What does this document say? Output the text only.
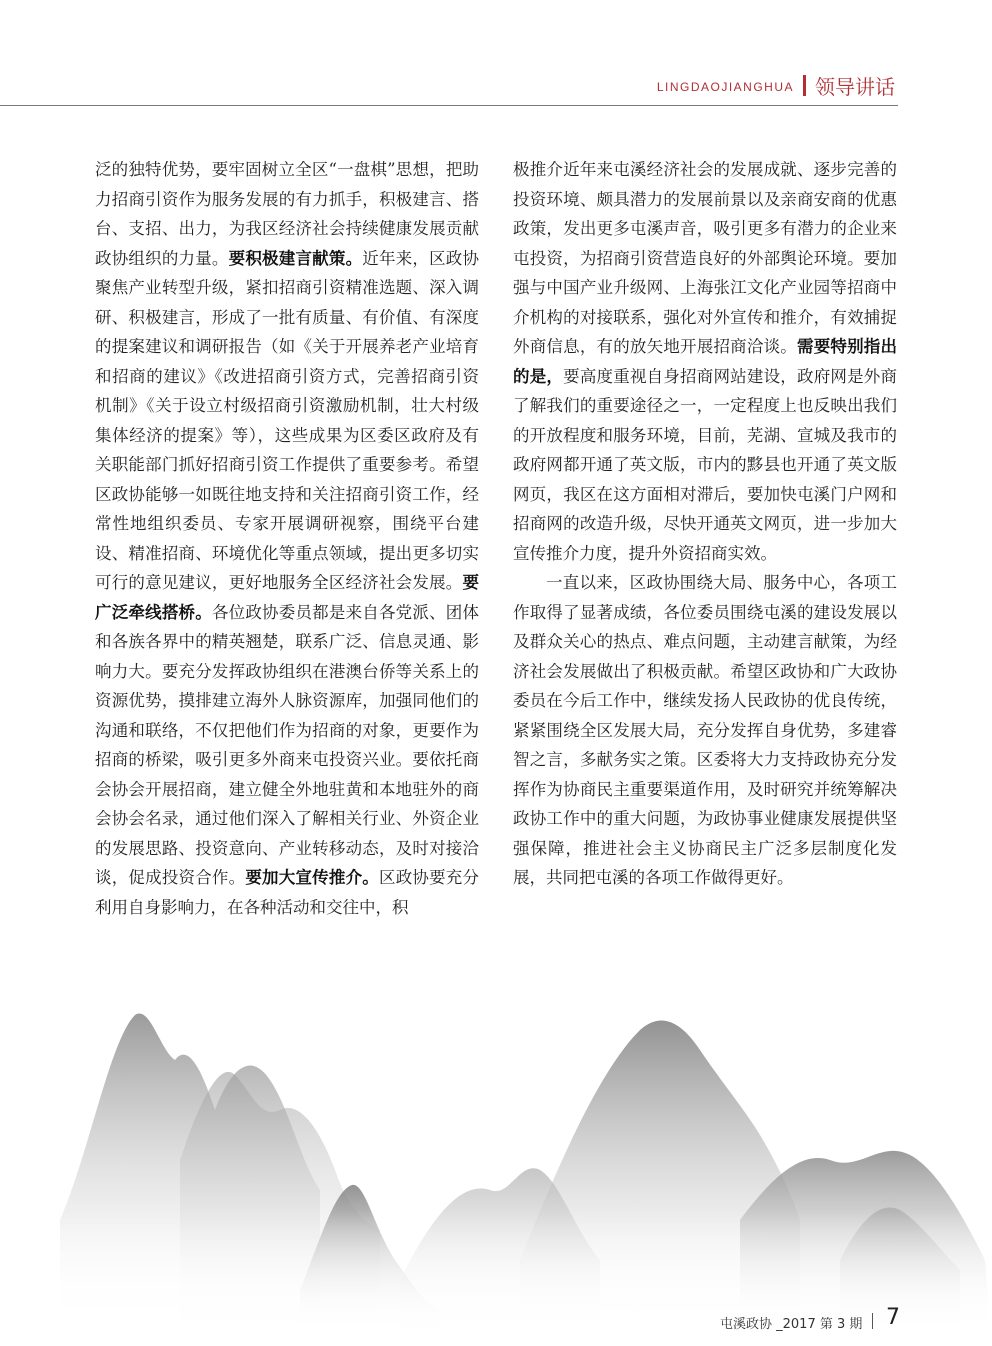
LINGDAOJIANGHUA 领导讲话

泛的独特优势，要牢固树立全区“一盘棋”思想，把助力招商引资作为服务发展的有力抓手，积极建言、搭台、支招、出力，为我区经济社会持续健康发展贡献政协组织的力量。要积极建言献策。近年来，区政协聚焦产业转型升级，紧扣招商引资精准选题、深入调研、积极建言，形成了一批有质量、有价值、有深度的提案建议和调研报告（如《关于开展养老产业培育和招商的建议》《改进招商引资方式，完善招商引资机制》《关于设立村级招商引资激励机制，壮大村级集体经济的提案》等），这些成果为区委区政府及有关职能部门抓好招商引资工作提供了重要参考。希望区政协能够一如既往地支持和关注招商引资工作，经常性地组织委员、专家开展调研视察，围绕平台建设、精准招商、环境优化等重点领域，提出更多切实可行的意见建议，更好地服务全区经济社会发展。要广泛牵线搭桥。各位政协委员都是来自各党派、团体和各族各界中的精英翘楚，联系广泛、信息灵通、影响力大。要充分发挥政协组织在港澳台侨等关系上的资源优势，摸排建立海外人脉资源库，加强同他们的沟通和联络，不仅把他们作为招商的对象，更要作为招商的桥梁，吸引更多外商来屯投资兴业。要依托商会协会开展招商，建立健全外地驻黄和本地驻外的商会协会名录，通过他们深入了解相关行业、外资企业的发展思路、投资意向、产业转移动态，及时对接洽谈，促成投资合作。要加大宣传推介。区政协要充分利用自身影响力，在各种活动和交往中，积

极推介近年来屯溪经济社会的发展成就、逐步完善的投资环境、颇具潜力的发展前景以及亲商安商的优惠政策，发出更多屯溪声音，吸引更多有潜力的企业来屯投资，为招商引资营造良好的外部舆论环境。要加强与中国产业升级网、上海张江文化产业园等招商中介机构的对接联系，强化对外宣传和推介，有效捕捉外商信息，有的放矢地开展招商洽谈。需要特别指出的是，要高度重视自身招商网站建设，政府网是外商了解我们的重要途径之一，一定程度上也反映出我们的开放程度和服务环境，目前，芜湖、宣城及我市的政府网都开通了英文版，市内的黟县也开通了英文版网页，我区在这方面相对滞后，要加快屯溪门户网和招商网的改造升级，尽快开通英文网页，进一步加大宣传推介力度，提升外资招商实效。

一直以来，区政协围绕大局、服务中心，各项工作取得了显著成绩，各位委员围绕屯溪的建设发展以及群众关心的热点、难点问题，主动建言献策，为经济社会发展做出了积极贡献。希望区政协和广大政协委员在今后工作中，继续发扬人民政协的优良传统，紧紧围绕全区发展大局，充分发挥自身优势，多建睿智之言，多献务实之策。区委将大力支持政协充分发挥作为协商民主重要渠道作用，及时研究并统筹解决政协工作中的重大问题，为政协事业健康发展提供坚强保障，推进社会主义协商民主广泛多层制度化发展，共同把屯溪的各项工作做得更好。

屯溪政协 _2017 第 3 期 7
